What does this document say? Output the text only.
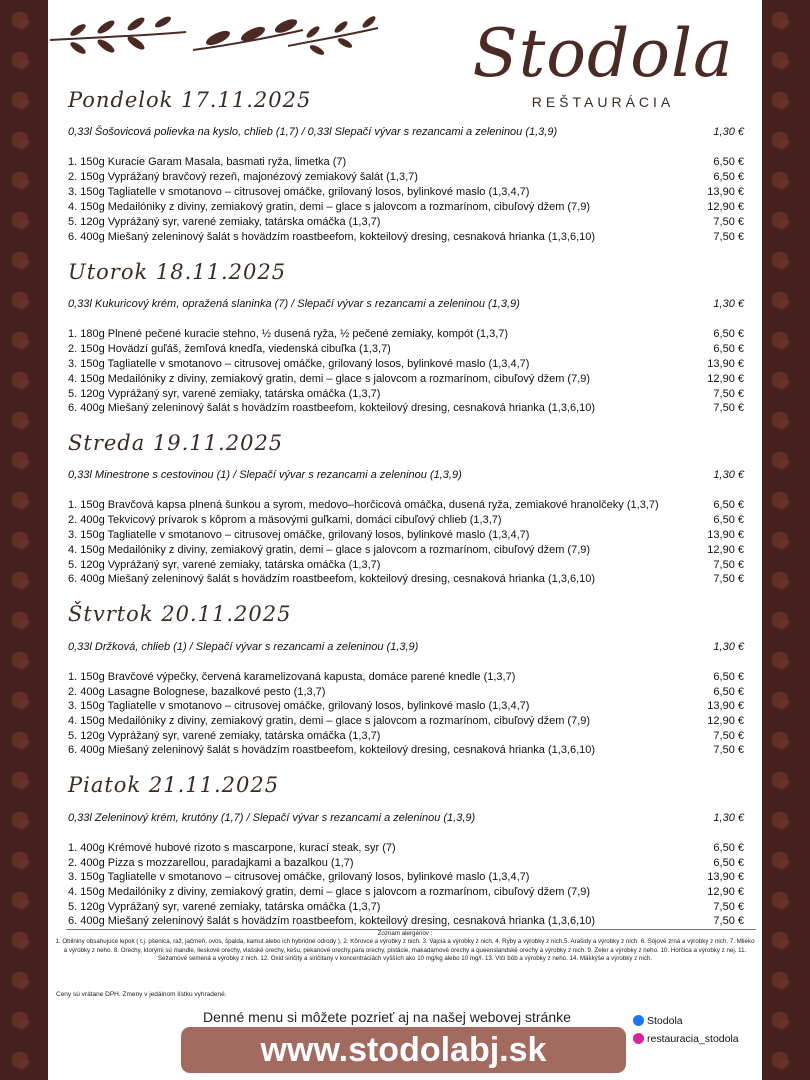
Stodola
REŠTAURÁCIA
Pondelok 17.11.2025
0,33l Šošovicová polievka na kyslo, chlieb (1,7) / 0,33l Slepačí vývar s rezancami a zeleninou (1,3,9)	1,30 €
1. 150g Kuracie Garam Masala, basmati ryža, limetka (7)	6,50 €
2. 150g Vyprážaný bravčový rezeň, majonézový zemiakový šalát (1,3,7)	6,50 €
3. 150g Tagliatelle v smotanovo – citrusovej omáčke, grilovaný losos, bylinkové maslo (1,3,4,7)	13,90 €
4. 150g Medailóniky z diviny, zemiakový gratin, demi – glace s jalovcom a rozmarínom, cibuľový džem (7,9)	12,90 €
5. 120g Vyprážaný syr, varené zemiaky, tatárska omáčka (1,3,7)	7,50 €
6. 400g Miešaný zeleninový šalát s hovädzím roastbeefom, kokteilový dresing, cesnaková hrianka (1,3,6,10)	7,50 €
Utorok 18.11.2025
0,33l Kukuricový krém, opražená slaninka (7) / Slepačí vývar s rezancami a zeleninou (1,3,9)	1,30 €
1. 180g Plnené pečené kuracie stehno, ½ dusená ryža, ½ pečené zemiaky, kompót (1,3,7)	6,50 €
2. 150g Hovädzí guľáš, žemľová knedľa, viedenská cibuľka (1,3,7)	6,50 €
3. 150g Tagliatelle v smotanovo – citrusovej omáčke, grilovaný losos, bylinkové maslo (1,3,4,7)	13,90 €
4. 150g Medailóniky z diviny, zemiakový gratin, demi – glace s jalovcom a rozmarínom, cibuľový džem (7,9)	12,90 €
5. 120g Vyprážaný syr, varené zemiaky, tatárska omáčka (1,3,7)	7,50 €
6. 400g Miešaný zeleninový šalát s hovädzím roastbeefom, kokteilový dresing, cesnaková hrianka (1,3,6,10)	7,50 €
Streda 19.11.2025
0,33l Minestrone s cestovinou (1) / Slepačí vývar s rezancami a zeleninou (1,3,9)	1,30 €
1. 150g Bravčová kapsa plnená šunkou a syrom, medovo–horčicová omáčka, dusená ryža, zemiakové hranolčeky (1,3,7)	6,50 €
2. 400g Tekvicový prívarok s kôprom a mäsovými guľkami, domáci cibuľový chlieb (1,3,7)	6,50 €
3. 150g Tagliatelle v smotanovo – citrusovej omáčke, grilovaný losos, bylinkové maslo (1,3,4,7)	13,90 €
4. 150g Medailóniky z diviny, zemiakový gratin, demi – glace s jalovcom a rozmarínom, cibuľový džem (7,9)	12,90 €
5. 120g Vyprážaný syr, varené zemiaky, tatárska omáčka (1,3,7)	7,50 €
6. 400g Miešaný zeleninový šalát s hovädzím roastbeefom, kokteilový dresing, cesnaková hrianka (1,3,6,10)	7,50 €
Štvrtok 20.11.2025
0,33l Držková, chlieb (1) / Slepačí vývar s rezancami a zeleninou (1,3,9)	1,30 €
1. 150g Bravčové výpečky, červená karamelizovaná kapusta, domáce parené knedle (1,3,7)	6,50 €
2. 400g Lasagne Bolognese, bazalkové pesto (1,3,7)	6,50 €
3. 150g Tagliatelle v smotanovo – citrusovej omáčke, grilovaný losos, bylinkové maslo (1,3,4,7)	13,90 €
4. 150g Medailóniky z diviny, zemiakový gratin, demi – glace s jalovcom a rozmarínom, cibuľový džem (7,9)	12,90 €
5. 120g Vyprážaný syr, varené zemiaky, tatárska omáčka (1,3,7)	7,50 €
6. 400g Miešaný zeleninový šalát s hovädzím roastbeefom, kokteilový dresing, cesnaková hrianka (1,3,6,10)	7,50 €
Piatok 21.11.2025
0,33l Zeleninový krém, krutóny (1,7) / Slepačí vývar s rezancami a zeleninou (1,3,9)	1,30 €
1. 400g Krémové hubové rizoto s mascarpone, kurací steak, syr (7)	6,50 €
2. 400g Pizza s mozzarellou, paradajkami a bazalkou (1,7)	6,50 €
3. 150g Tagliatelle v smotanovo – citrusovej omáčke, grilovaný losos, bylinkové maslo (1,3,4,7)	13,90 €
4. 150g Medailóniky z diviny, zemiakový gratin, demi – glace s jalovcom a rozmarínom, cibuľový džem (7,9)	12,90 €
5. 120g Vyprážaný syr, varené zemiaky, tatárska omáčka (1,3,7)	7,50 €
6. 400g Miešaný zeleninový šalát s hovädzím roastbeefom, kokteilový dresing, cesnaková hrianka (1,3,6,10)	7,50 €
Zoznam alergénov :
1. Obilniny obsahujúce lepok ( t.j. pšenica, raž, jačmeň, ovos, špalda, kamut alebo ich hybridné odrody ). 2. Kôrovce a výrobky z nich. 3. Vajcia a výrobky z nich. 4. Ryby a výrobky z nich.5. Arašidy a výrobky z nich. 6. Sójové zrná a výrobky z nich. 7. Mlieko a výrobky z neho. 8. Orechy, ktorými sú mandle, lieskové orechy, vlašské orechy, kešu, pekanové orechy,para orechy, pistácie, makadamové orechy a queenslandské orechy a výrobky z nich. 9. Zeler a výrobky z neho. 10. Horčica a výrobky z nej. 11. Sezamové semená a výrobky z nich. 12. Oxid siričitý a siričitany v koncentráciách vyšších ako 10 mg/kg alebo 10 mg/l. 13. Vlčí bôb a výrobky z neho. 14. Mäkkýše a výrobky z nich.
Ceny sú vrátane DPH. Zmeny v jedálnom lístku vyhradené.
Denné menu si môžete pozrieť aj na našej webovej stránke	Stodola
restauracia_stodola
www.stodolabj.sk
